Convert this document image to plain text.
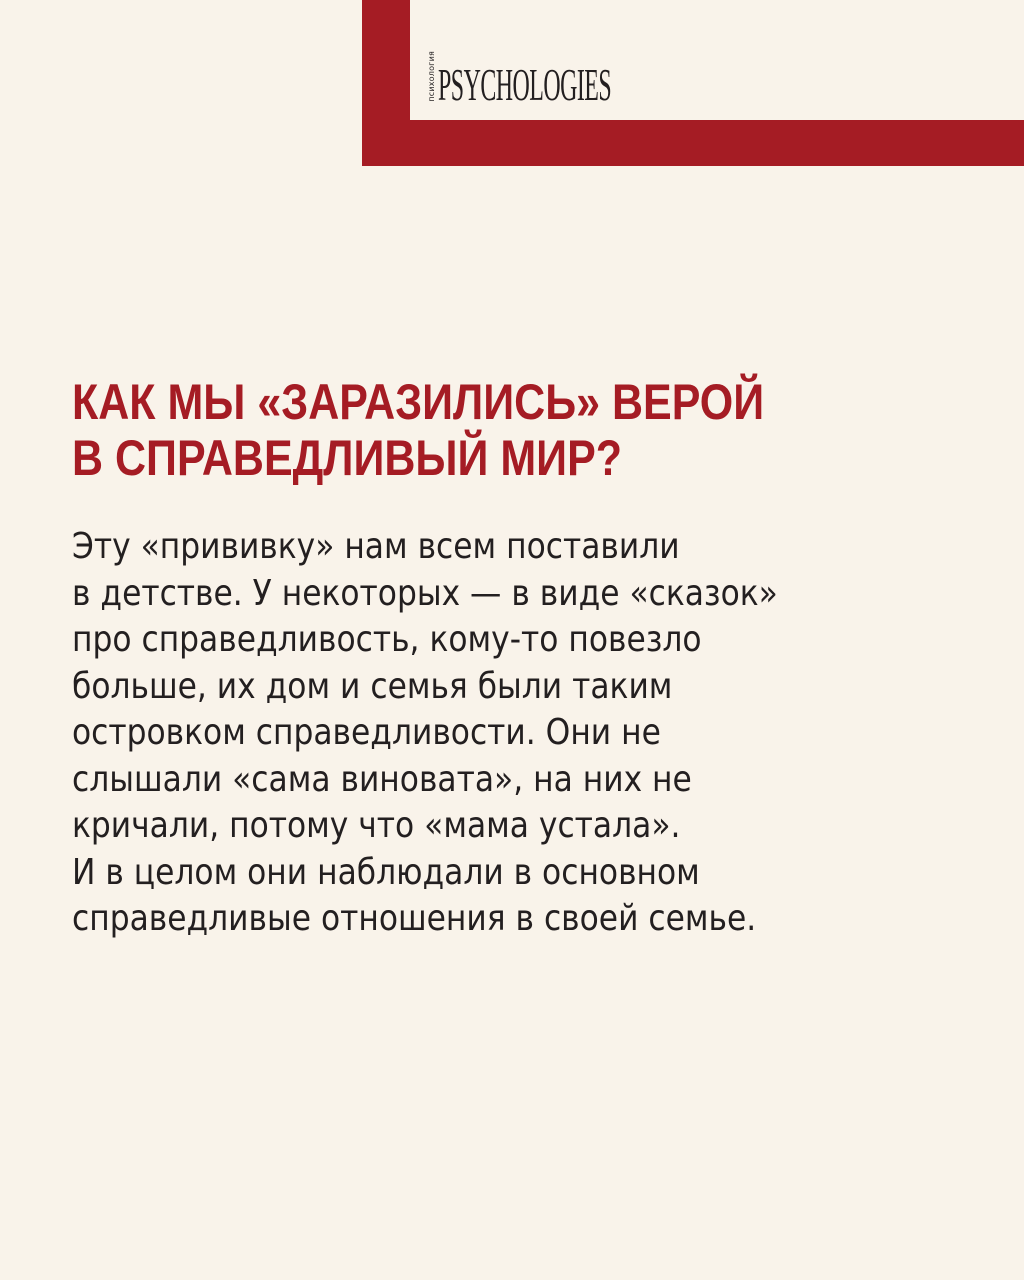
психология PSYCHOLOGIES
КАК МЫ «ЗАРАЗИЛИСЬ» ВЕРОЙ
В СПРАВЕДЛИВЫЙ МИР?

Эту «прививку» нам всем поставили
в детстве. У некоторых — в виде «сказок»
про справедливость, кому-то повезло
больше, их дом и семья были таким
островком справедливости. Они не
слышали «сама виновата», на них не
кричали, потому что «мама устала».
И в целом они наблюдали в основном
справедливые отношения в своей семье.
